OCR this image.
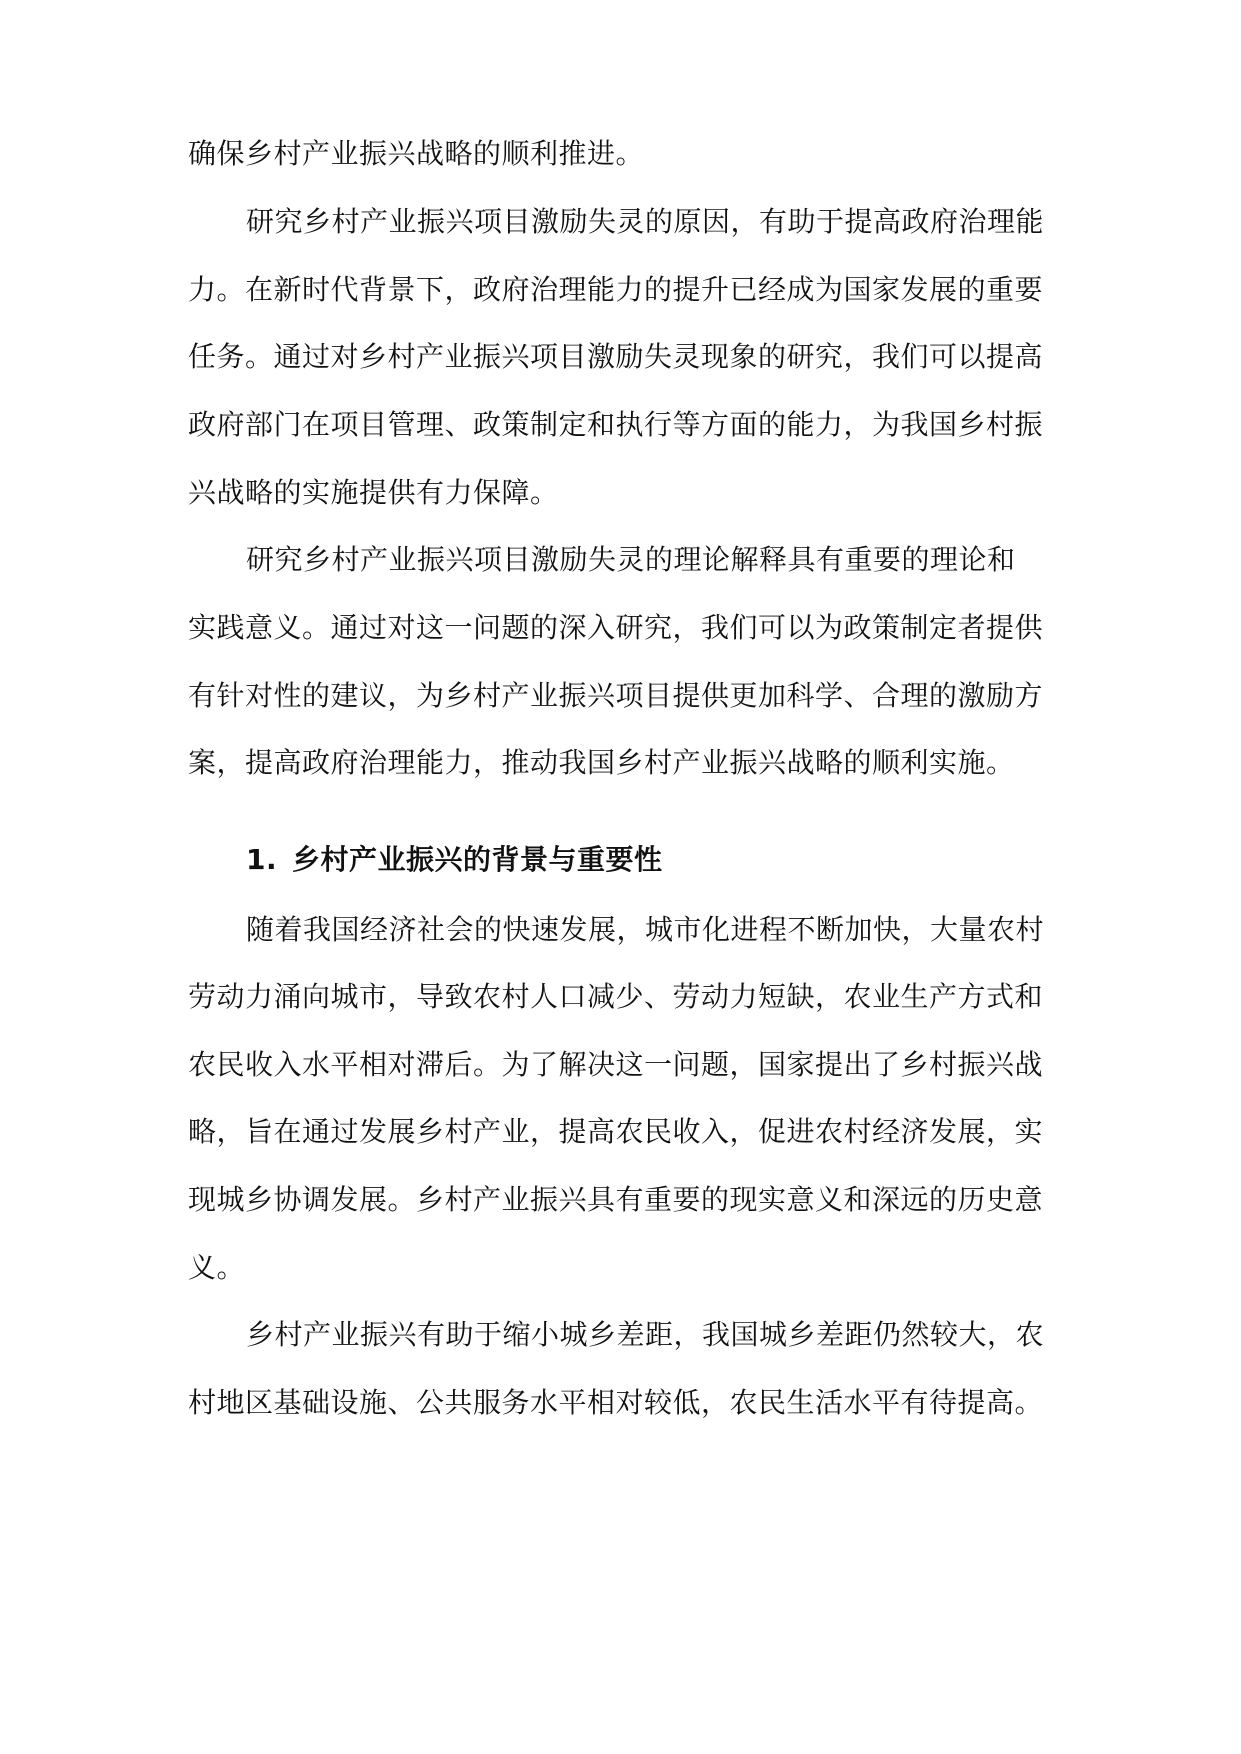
确保乡村产业振兴战略的顺利推进。
研究乡村产业振兴项目激励失灵的原因，有助于提高政府治理能
力。在新时代背景下，政府治理能力的提升已经成为国家发展的重要
任务。通过对乡村产业振兴项目激励失灵现象的研究，我们可以提高
政府部门在项目管理、政策制定和执行等方面的能力，为我国乡村振
兴战略的实施提供有力保障。
研究乡村产业振兴项目激励失灵的理论解释具有重要的理论和
实践意义。通过对这一问题的深入研究，我们可以为政策制定者提供
有针对性的建议，为乡村产业振兴项目提供更加科学、合理的激励方
案，提高政府治理能力，推动我国乡村产业振兴战略的顺利实施。
1. 乡村产业振兴的背景与重要性
随着我国经济社会的快速发展，城市化进程不断加快，大量农村
劳动力涌向城市，导致农村人口减少、劳动力短缺，农业生产方式和
农民收入水平相对滞后。为了解决这一问题，国家提出了乡村振兴战
略，旨在通过发展乡村产业，提高农民收入，促进农村经济发展，实
现城乡协调发展。乡村产业振兴具有重要的现实意义和深远的历史意
义。
乡村产业振兴有助于缩小城乡差距，我国城乡差距仍然较大，农
村地区基础设施、公共服务水平相对较低，农民生活水平有待提高。
